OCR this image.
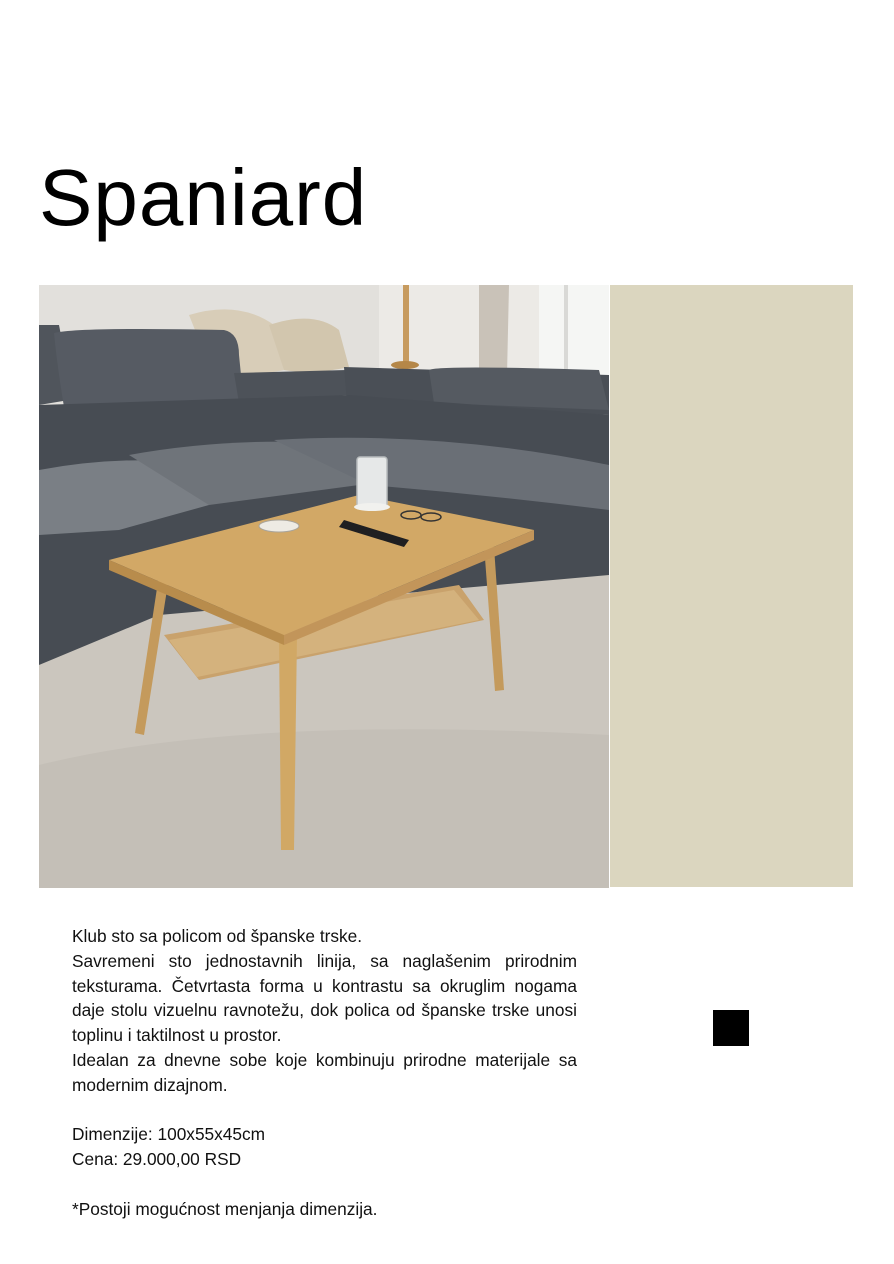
Spaniard

Klub sto sa policom od španske trske.

Savremeni sto jednostavnih linija, sa naglašenim prirodnim teksturama. Četvrtasta forma u kontrastu sa okruglim nogama daje stolu vizuelnu ravnotežu, dok polica od španske trske unosi toplinu i taktilnost u prostor.

Idealan za dnevne sobe koje kombinuju prirodne materijale sa modernim dizajnom.

Dimenzije: 100x55x45cm

Cena: 29.000,00 RSD

*Postoji mogućnost menjanja dimenzija.
